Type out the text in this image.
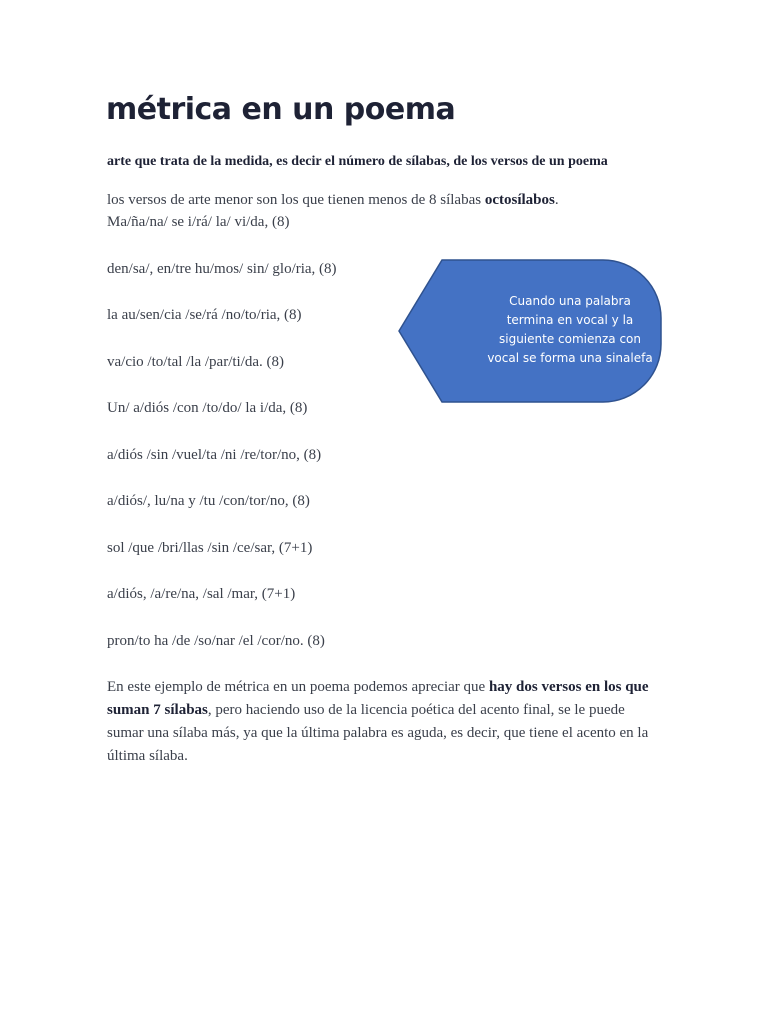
métrica en un poema

arte que trata de la medida, es decir el número de sílabas, de los versos de un poema

los versos de arte menor son los que tienen menos de 8 sílabas octosílabos.

Ma/ña/na/ se i/rá/ la/ vi/da, (8)

den/sa/, en/tre hu/mos/ sin/ glo/ria, (8)

la au/sen/cia /se/rá /no/to/ria, (8)

va/cio /to/tal /la /par/ti/da. (8)

Un/ a/diós /con /to/do/ la i/da, (8)

a/diós /sin /vuel/ta /ni /re/tor/no, (8)

a/diós/, lu/na y /tu /con/tor/no, (8)

sol /que /bri/llas /sin /ce/sar, (7+1)

a/diós, /a/re/na, /sal /mar, (7+1)

pron/to ha /de /so/nar /el /cor/no. (8)

En este ejemplo de métrica en un poema podemos apreciar que hay dos versos en los que suman 7 sílabas, pero haciendo uso de la licencia poética del acento final, se le puede sumar una sílaba más, ya que la última palabra es aguda, es decir, que tiene el acento en la última sílaba.

Cuando una palabra termina en vocal y la siguiente comienza con vocal se forma una sinalefa
